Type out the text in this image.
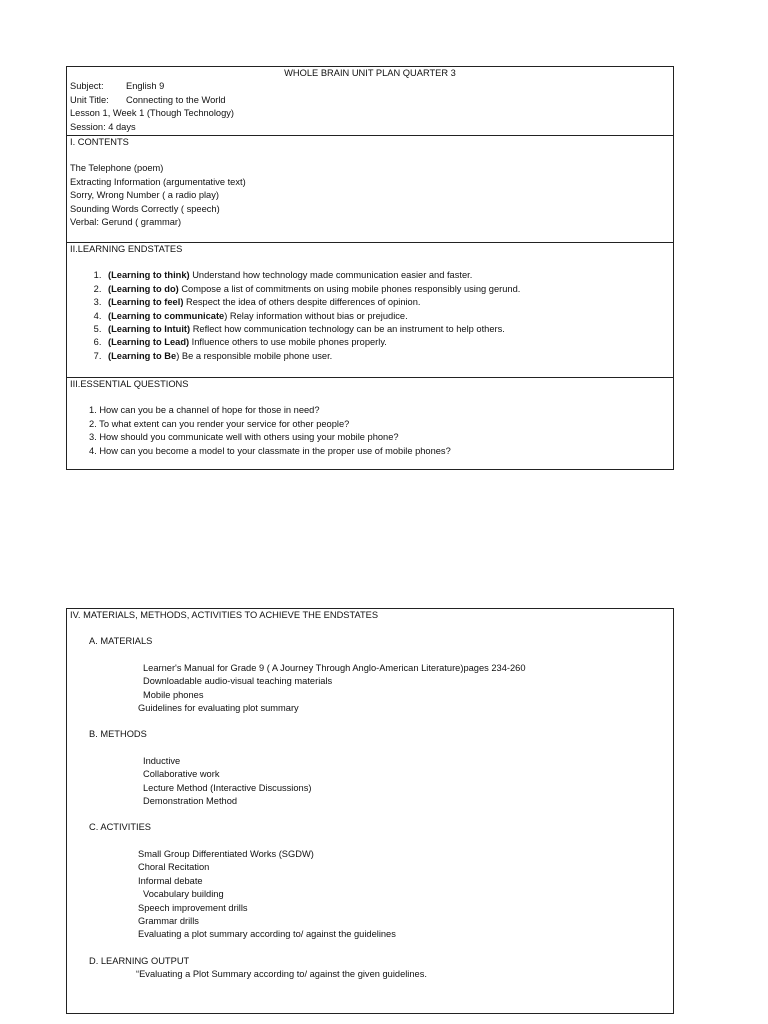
WHOLE BRAIN UNIT PLAN QUARTER 3
Subject:	English 9
Unit Title:	Connecting to the World
Lesson 1, Week 1 (Though Technology)
Session: 4 days
I. CONTENTS
The Telephone (poem)
Extracting Information (argumentative text)
Sorry, Wrong Number ( a radio play)
Sounding Words Correctly ( speech)
Verbal: Gerund ( grammar)
II.LEARNING ENDSTATES
1. (Learning to think) Understand how technology made communication easier and faster.
2. (Learning to do) Compose a list of commitments on using mobile phones responsibly using gerund.
3. (Learning to feel) Respect the idea of others despite differences of opinion.
4. (Learning to communicate) Relay information without bias or prejudice.
5. (Learning to Intuit) Reflect how communication technology can be an instrument to help others.
6. (Learning to Lead) Influence others to use mobile phones properly.
7. (Learning to Be) Be a responsible mobile phone user.
III.ESSENTIAL QUESTIONS
1. How can you be a channel of hope for those in need?
2. To what extent can you render your service for other people?
3. How should you communicate well with others using your mobile phone?
4. How can you become a model to your classmate in the proper use of mobile phones?
IV. MATERIALS, METHODS, ACTIVITIES TO ACHIEVE THE ENDSTATES
A. MATERIALS
Learner's Manual for Grade 9 ( A Journey Through Anglo-American Literature)pages 234-260
Downloadable audio-visual teaching materials
Mobile phones
Guidelines for evaluating plot summary
B. METHODS
Inductive
Collaborative work
Lecture Method (Interactive Discussions)
Demonstration Method
C. ACTIVITIES
Small Group Differentiated Works (SGDW)
Choral Recitation
Informal debate
Vocabulary building
Speech improvement drills
Grammar drills
Evaluating a plot summary according to/ against the guidelines
D. LEARNING OUTPUT
“Evaluating a Plot Summary according to/ against the given guidelines.
